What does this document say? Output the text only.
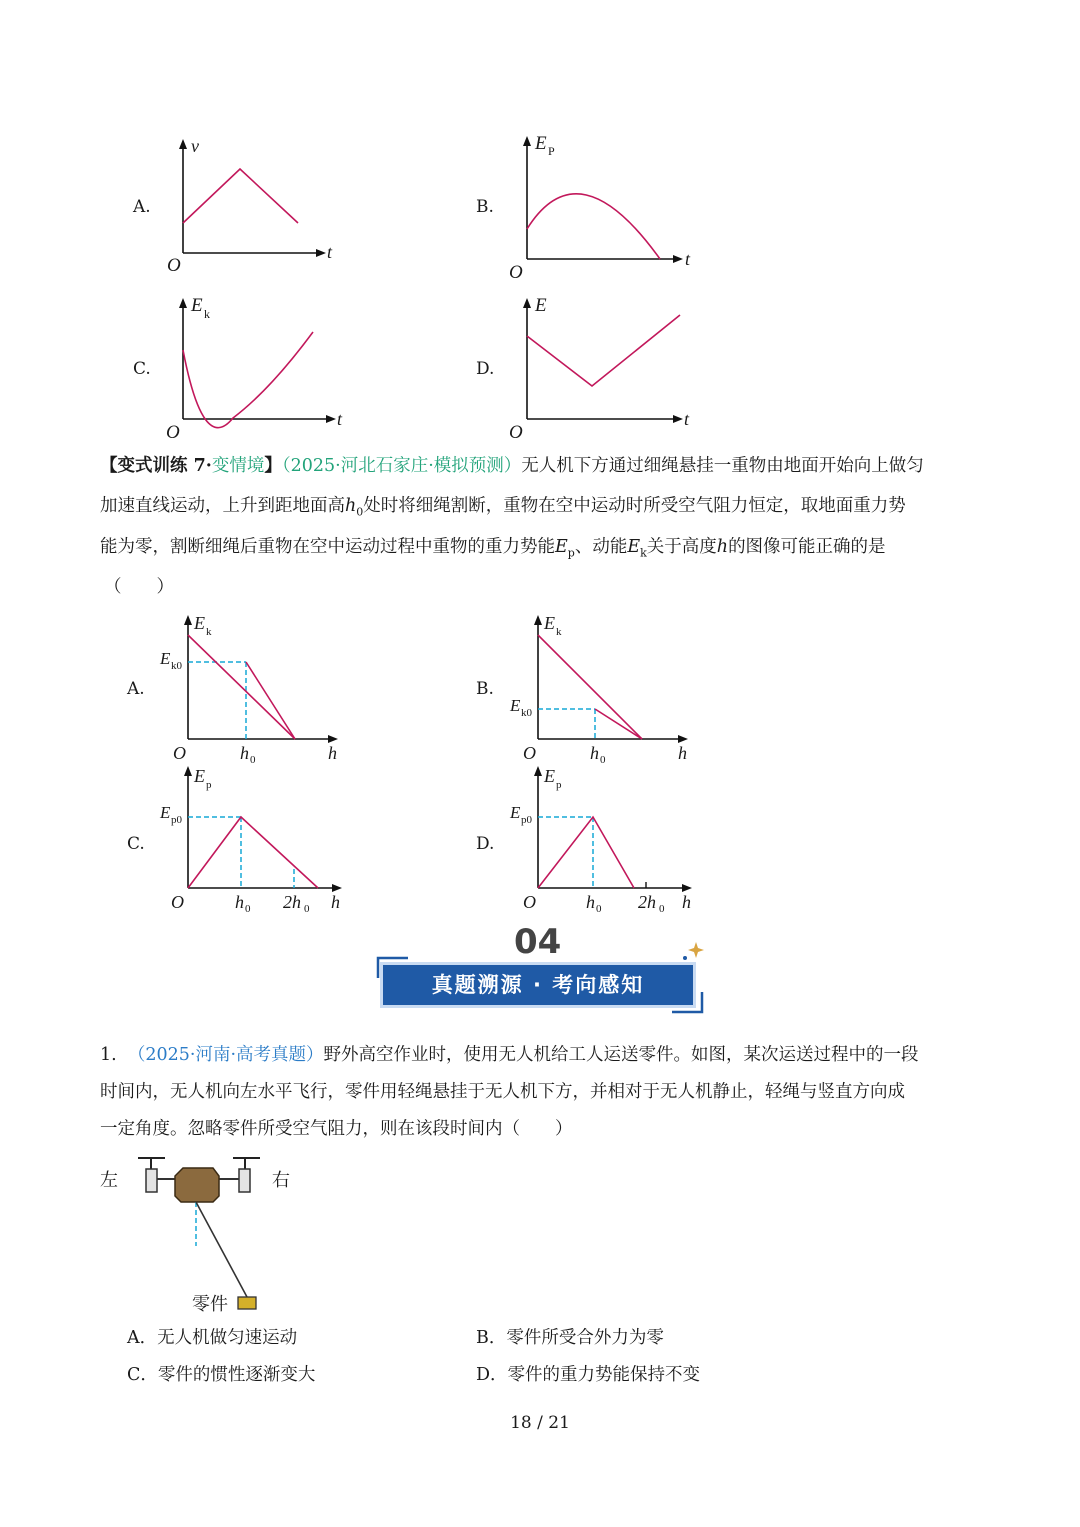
A.
v
O
t
B.
E P
O
t
C.
E k
O
t
D.
E
O
t
【变式训练 7·变情境】（2025·河北石家庄·模拟预测）无人机下方通过细绳悬挂一重物由地面开始向上做匀
加速直线运动，上升到距地面高$h_0$处时将细绳割断，重物在空中运动时所受空气阻力恒定，取地面重力势
能为零，割断细绳后重物在空中运动过程中重物的重力势能$E_p$、动能$E_k$关于高度h的图像可能正确的是
（　　）
A.
E k
E k0
O	h 0	h
B.
E k
E k0
O	h 0	h
C.
E p
E p0
O	h 0 2h 0 h
D.
E p
E p0
O	h 0 2h 0 h
04
真题溯源 · 考向感知
1. （2025·河南·高考真题）野外高空作业时，使用无人机给工人运送零件。如图，某次运送过程中的一段
时间内，无人机向左水平飞行，零件用轻绳悬挂于无人机下方，并相对于无人机静止，轻绳与竖直方向成
一定角度。忽略零件所受空气阻力，则在该段时间内（　　）
左	右
零件
A．无人机做匀速运动	B．零件所受合外力为零
C．零件的惯性逐渐变大	D．零件的重力势能保持不变
18 / 21
